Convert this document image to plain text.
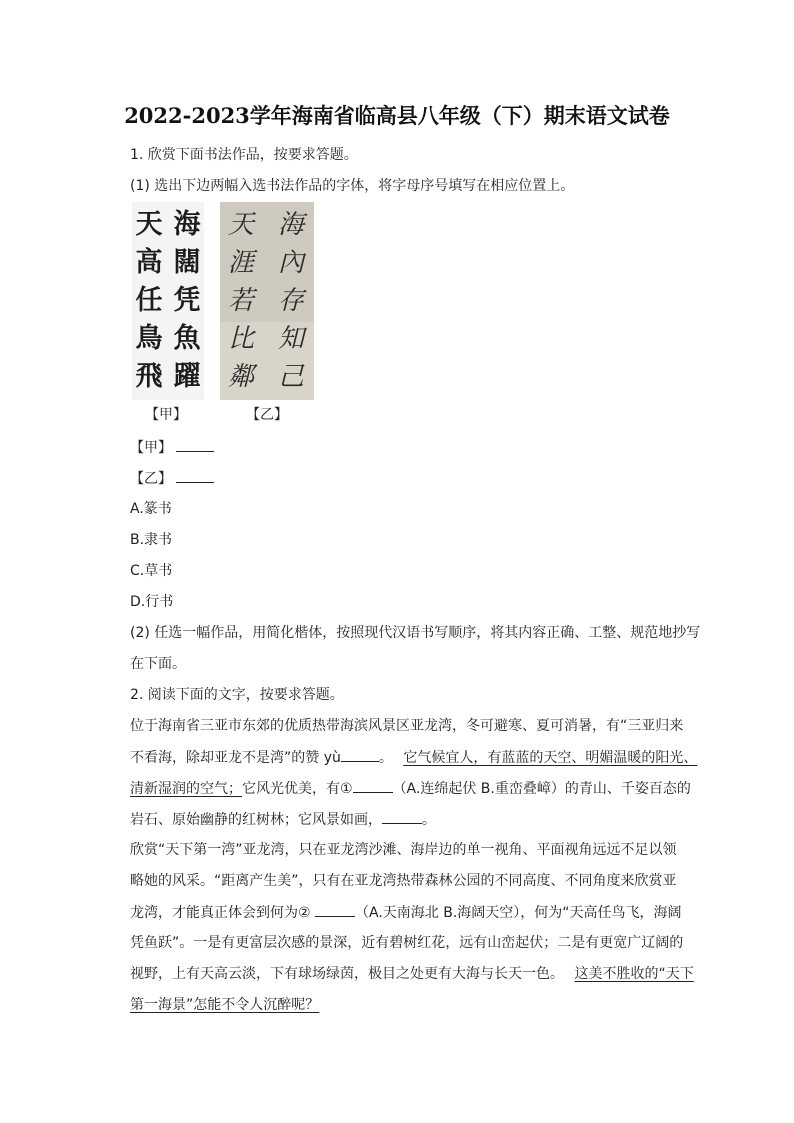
2022-2023学年海南省临高县八年级（下）期末语文试卷
1. 欣赏下面书法作品，按要求答题。
(1) 选出下边两幅入选书法作品的字体，将字母序号填写在相应位置上。
天
高
任
鳥
飛
海
闊
凭
魚
躍
天
涯
若
比
鄰
海
內
存
知
己
【甲】	【乙】
【甲】
【乙】
A.篆书
B.隶书
C.草书
D.行书
(2) 任选一幅作品，用简化楷体，按照现代汉语书写顺序，将其内容正确、工整、规范地抄写
在下面。
2. 阅读下面的文字，按要求答题。
位于海南省三亚市东郊的优质热带海滨风景区亚龙湾，冬可避寒、夏可消暑，有“三亚归来
不看海，除却亚龙不是湾”的赞 yù	。 它气候宜人，有蓝蓝的天空、明媚温暖的阳光、
清新湿润的空气；它风光优美，有①	（A.连绵起伏 B.重峦叠嶂）的青山、千姿百态的
岩石、原始幽静的红树林；它风景如画，	。
欣赏“天下第一湾”亚龙湾，只在亚龙湾沙滩、海岸边的单一视角、平面视角远远不足以领
略她的风采。“距离产生美”，只有在亚龙湾热带森林公园的不同高度、不同角度来欣赏亚
龙湾，才能真正体会到何为②	（A.天南海北 B.海阔天空），何为“天高任鸟飞，海阔
凭鱼跃”。一是有更富层次感的景深，近有碧树红花，远有山峦起伏；二是有更宽广辽阔的
视野，上有天高云淡，下有球场绿茵，极目之处更有大海与长天一色。 这美不胜收的“天下
第一海景”怎能不令人沉醉呢？
